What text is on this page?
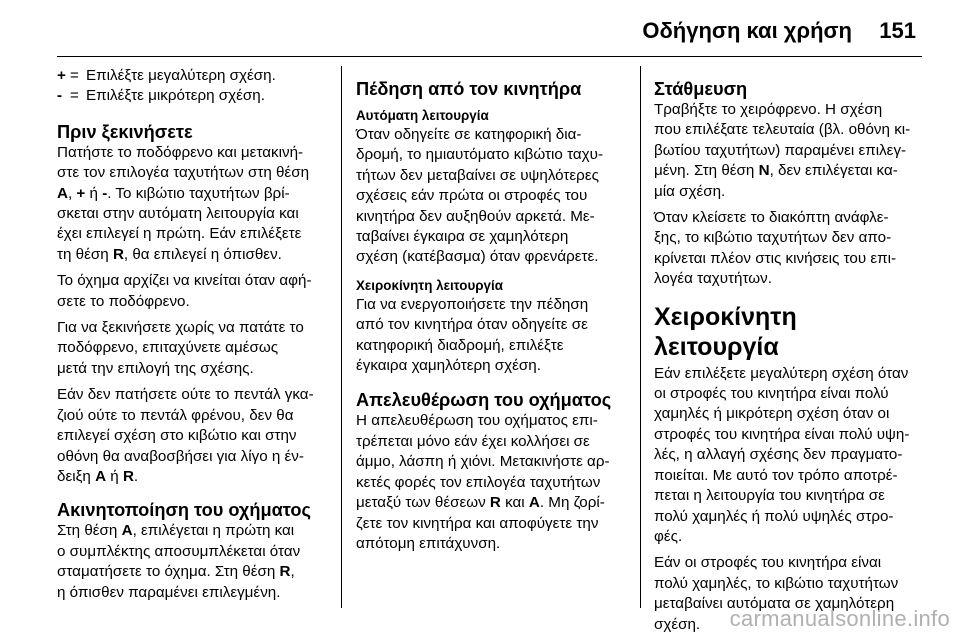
Οδήγηση και χρήση 151
+ = Επιλέξτε μεγαλύτερη σχέση.
- = Επιλέξτε μικρότερη σχέση.
Πριν ξεκινήσετε
Πατήστε το ποδόφρενο και μετακινή-
στε τον επιλογέα ταχυτήτων στη θέση
A, + ή -. Το κιβώτιο ταχυτήτων βρί-
σκεται στην αυτόματη λειτουργία και
έχει επιλεγεί η πρώτη. Εάν επιλέξετε
τη θέση R, θα επιλεγεί η όπισθεν.
Το όχημα αρχίζει να κινείται όταν αφή-
σετε το ποδόφρενο.
Για να ξεκινήσετε χωρίς να πατάτε το
ποδόφρενο, επιταχύνετε αμέσως
μετά την επιλογή της σχέσης.
Εάν δεν πατήσετε ούτε το πεντάλ γκα-
ζιού ούτε το πεντάλ φρένου, δεν θα
επιλεγεί σχέση στο κιβώτιο και στην
οθόνη θα αναβοσβήσει για λίγο η έν-
δειξη A ή R.
Ακινητοποίηση του οχήματος
Στη θέση A, επιλέγεται η πρώτη και
ο συμπλέκτης αποσυμπλέκεται όταν
σταματήσετε το όχημα. Στη θέση R,
η όπισθεν παραμένει επιλεγμένη.
Πέδηση από τον κινητήρα
Αυτόματη λειτουργία
Όταν οδηγείτε σε κατηφορική δια-
δρομή, το ημιαυτόματο κιβώτιο ταχυ-
τήτων δεν μεταβαίνει σε υψηλότερες
σχέσεις εάν πρώτα οι στροφές του
κινητήρα δεν αυξηθούν αρκετά. Με-
ταβαίνει έγκαιρα σε χαμηλότερη
σχέση (κατέβασμα) όταν φρενάρετε.
Χειροκίνητη λειτουργία
Για να ενεργοποιήσετε την πέδηση
από τον κινητήρα όταν οδηγείτε σε
κατηφορική διαδρομή, επιλέξτε
έγκαιρα χαμηλότερη σχέση.
Απελευθέρωση του οχήματος
Η απελευθέρωση του οχήματος επι-
τρέπεται μόνο εάν έχει κολλήσει σε
άμμο, λάσπη ή χιόνι. Μετακινήστε αρ-
κετές φορές τον επιλογέα ταχυτήτων
μεταξύ των θέσεων R και A. Μη ζορί-
ζετε τον κινητήρα και αποφύγετε την
απότομη επιτάχυνση.
Στάθμευση
Τραβήξτε το χειρόφρενο. Η σχέση
που επιλέξατε τελευταία (βλ. οθόνη κι-
βωτίου ταχυτήτων) παραμένει επιλεγ-
μένη. Στη θέση N, δεν επιλέγεται κα-
μία σχέση.
Όταν κλείσετε το διακόπτη ανάφλε-
ξης, το κιβώτιο ταχυτήτων δεν απο-
κρίνεται πλέον στις κινήσεις του επι-
λογέα ταχυτήτων.
Χειροκίνητη λειτουργία
Εάν επιλέξετε μεγαλύτερη σχέση όταν
οι στροφές του κινητήρα είναι πολύ
χαμηλές ή μικρότερη σχέση όταν οι
στροφές του κινητήρα είναι πολύ υψη-
λές, η αλλαγή σχέσης δεν πραγματο-
ποιείται. Με αυτό τον τρόπο αποτρέ-
πεται η λειτουργία του κινητήρα σε
πολύ χαμηλές ή πολύ υψηλές στρο-
φές.
Εάν οι στροφές του κινητήρα είναι
πολύ χαμηλές, το κιβώτιο ταχυτήτων
μεταβαίνει αυτόματα σε χαμηλότερη
σχέση.	carmanualsonline.info
